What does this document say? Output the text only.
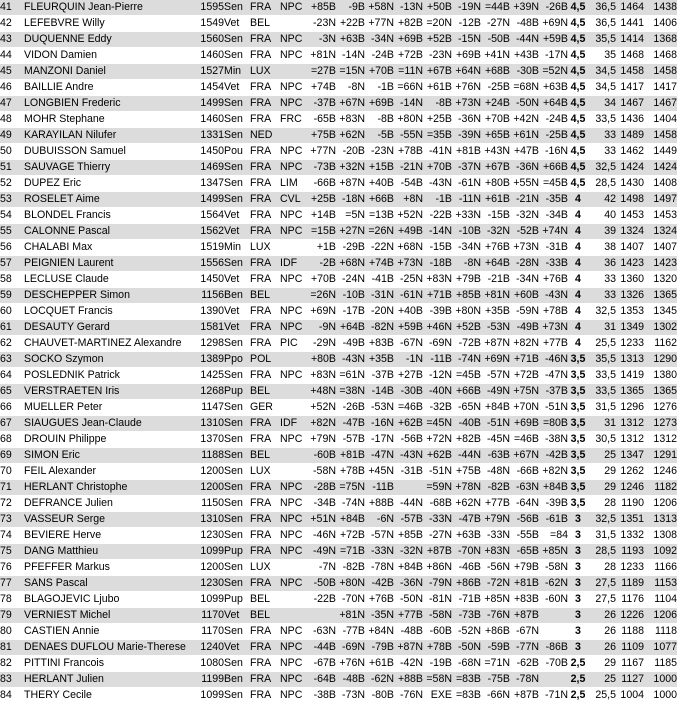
41	FLEURQUIN Jean-Pierre	1595	Sen	FRA	NPC	+85B	-9B	+58N	-13N	+50B	-19N	=44B	+39N	-26B	4,5	36,5	1464	1438
42	LEFEBVRE Willy	1549	Vet	BEL		-23N	+22B	+77N	+82B	=20N	-12B	-27N	-48B	+69N	4,5	36,5	1441	1406
43	DUQUENNE Eddy	1560	Sen	FRA	NPC	-3N	+63B	-34N	+69B	+52B	-15N	-50B	-44N	+59B	4,5	35,5	1414	1368
44	VIDON Damien	1460	Sen	FRA	NPC	+81N	-14N	-24B	+72B	-23N	+69B	+41N	+43B	-17N	4,5	35	1468	1468
45	MANZONI Daniel	1527	Min	LUX		=27B	=15N	+70B	=11N	+67B	+64N	+68B	-30B	=52N	4,5	34,5	1458	1458
46	BAILLIE Andre	1454	Vet	FRA	NPC	+74B	-8N	-1B	=66N	+61B	+76N	-25B	=68N	+63B	4,5	34,5	1417	1417
47	LONGBIEN Frederic	1499	Sen	FRA	NPC	-37B	+67N	+69B	-14N	-8B	+73N	+24B	-50N	+64B	4,5	34	1467	1467
48	MOHR Stephane	1460	Sen	FRA	FRC	-65B	+83N	-8B	+80N	+25B	-36N	+70B	+42N	-24B	4,5	33,5	1436	1404
49	KARAYILAN Nilufer	1331	Sen	NED		+75B	+62N	-5B	-55N	=35B	-39N	+65B	+61N	-25B	4,5	33	1489	1458
50	DUBUISSON Samuel	1450	Pou	FRA	NPC	+77N	-20B	-23N	+78B	-41N	+81B	+43N	+47B	-16N	4,5	33	1462	1449
51	SAUVAGE Thierry	1469	Sen	FRA	NPC	-73B	+32N	+15B	-21N	+70B	-37N	+67B	-36N	+66B	4,5	32,5	1424	1424
52	DUPEZ Eric	1347	Sen	FRA	LIM	-66B	+87N	+40B	-54B	-43N	-61N	+80B	+55N	=45B	4,5	28,5	1430	1408
53	ROSELET Aime	1499	Sen	FRA	CVL	+25B	-18N	+66B	+8N	-1B	-11N	+61B	-21N	-35B	4	42	1498	1497
54	BLONDEL Francis	1564	Vet	FRA	NPC	+14B	=5N	=13B	+52N	-22B	+33N	-15B	-32N	-34B	4	40	1453	1453
55	CALONNE Pascal	1562	Vet	FRA	NPC	=15B	+27N	=26N	+49B	-14N	-10B	-32N	-52B	+74N	4	39	1324	1324
56	CHALABI Max	1519	Min	LUX		+1B	-29B	-22N	+68N	-15B	-34N	+76B	+73N	-31B	4	38	1407	1407
57	PEIGNIEN Laurent	1556	Sen	FRA	IDF	-2B	+68N	+74B	+73N	-18B	-8N	+64B	-28N	-33B	4	36	1423	1423
58	LECLUSE Claude	1450	Vet	FRA	NPC	+70B	-24N	-41B	-25N	+83N	+79B	-21B	-34N	+76B	4	33	1360	1320
59	DESCHEPPER Simon	1156	Ben	BEL		=26N	-10B	-31N	-61N	+71B	+85B	+81N	+60B	-43N	4	33	1326	1365
60	LOCQUET Francis	1390	Vet	FRA	NPC	+69N	-17B	-20N	+40B	-39B	+80N	+35B	-59N	+78B	4	32,5	1353	1345
61	DESAUTY Gerard	1581	Vet	FRA	NPC	-9N	+64B	-82N	+59B	+46N	+52B	-53N	-49B	+73N	4	31	1349	1302
62	CHAUVET-MARTINEZ Alexandre	1298	Sen	FRA	PIC	-29N	-49B	+83B	-67N	-69N	-72B	+87N	+82N	+77B	4	25,5	1233	1162
63	SOCKO Szymon	1389	Ppo	POL		+80B	-43N	+35B	-1N	-11B	-74N	+69N	+71B	-46N	3,5	35,5	1313	1290
64	POSLEDNIK Patrick	1425	Sen	FRA	NPC	+83N	=61N	-37B	+27B	-12N	=45B	-57N	+72B	-47N	3,5	33,5	1419	1380
65	VERSTRAETEN Iris	1268	Pup	BEL		+48N	=38N	-14B	-30B	-40N	+66B	-49N	+75N	-37B	3,5	33,5	1365	1365
66	MUELLER Peter	1147	Sen	GER		+52N	-26B	-53N	=46B	-32B	-65N	+84B	+70N	-51N	3,5	31,5	1296	1276
67	SIAUGUES Jean-Claude	1310	Sen	FRA	IDF	+82N	-47B	-16N	+62B	=45N	-40B	-51N	+69B	=80B	3,5	31	1312	1273
68	DROUIN Philippe	1370	Sen	FRA	NPC	+79N	-57B	-17N	-56B	+72N	+82B	-45N	=46B	-38N	3,5	30,5	1312	1312
69	SIMON Eric	1188	Sen	BEL		-60B	+81B	-47N	-43N	+62B	-44N	-63B	+67N	-42B	3,5	25	1347	1291
70	FEIL Alexander	1200	Sen	LUX		-58N	+78B	+45N	-31B	-51N	+75B	-48N	-66B	+82N	3,5	29	1262	1246
71	HERLANT Christophe	1200	Sen	FRA	NPC	-28B	=75N	-11B		=59N	+78N	-82B	-63N	+84B	3,5	29	1246	1182
72	DEFRANCE Julien	1150	Sen	FRA	NPC	-34B	-74N	+88B	-44N	-68B	+62N	+77B	-64N	-39B	3,5	28	1190	1206
73	VASSEUR Serge	1310	Sen	FRA	NPC	+51N	+84B	-6N	-57B	-33N	-47B	+79N	-56B	-61B	3	32,5	1351	1313
74	BEVIERE Herve	1230	Sen	FRA	NPC	-46N	+72B	-57N	+85B	-27N	+63B	-33N	-55B	=84	3	31,5	1332	1308
75	DANG Matthieu	1099	Pup	FRA	NPC	-49N	=71B	-33N	-32N	+87B	-70N	+83N	-65B	+85N	3	28,5	1193	1092
76	PFEFFER Markus	1200	Sen	LUX		-7N	-82B	-78N	+84B	+86N	-46B	-56N	+79B	-58N	3	28	1233	1166
77	SANS Pascal	1230	Sen	FRA	NPC	-50B	+80N	-42B	-36N	-79N	+86B	-72N	+81B	-62N	3	27,5	1189	1153
78	BLAGOJEVIC Ljubo	1099	Pup	BEL		-22B	-70N	+76B	-50N	-81N	-71B	+85N	+83B	-60N	3	27,5	1176	1104
79	VERNIEST Michel	1170	Vet	BEL			+81N	-35N	+77B	-58N	-73B	-76N	+87B		3	26	1226	1206
80	CASTIEN Annie	1170	Sen	FRA	NPC	-63N	-77B	+84N	-48B	-60B	-52N	+86B	-67N		3	26	1188	1118
81	DENAES DUFLOU Marie-Therese	1240	Vet	FRA	NPC	-44B	-69N	-79B	+87N	+78B	-50N	-59B	-77N	-86B	3	26	1109	1077
82	PITTINI Francois	1080	Sen	FRA	NPC	-67B	+76N	+61B	-42N	-19B	-68N	=71N	-62B	-70B	2,5	29	1167	1185
83	HERLANT Julien	1199	Ben	FRA	NPC	-64B	-48B	-62N	+88B	=58N	=83B	-75B	-78N		2,5	25	1127	1000
84	THERY Cecile	1099	Sen	FRA	NPC	-38B	-73N	-80B	-76N	EXE	=83B	-66N	+87B	-71N	2,5	25,5	1004	1000
